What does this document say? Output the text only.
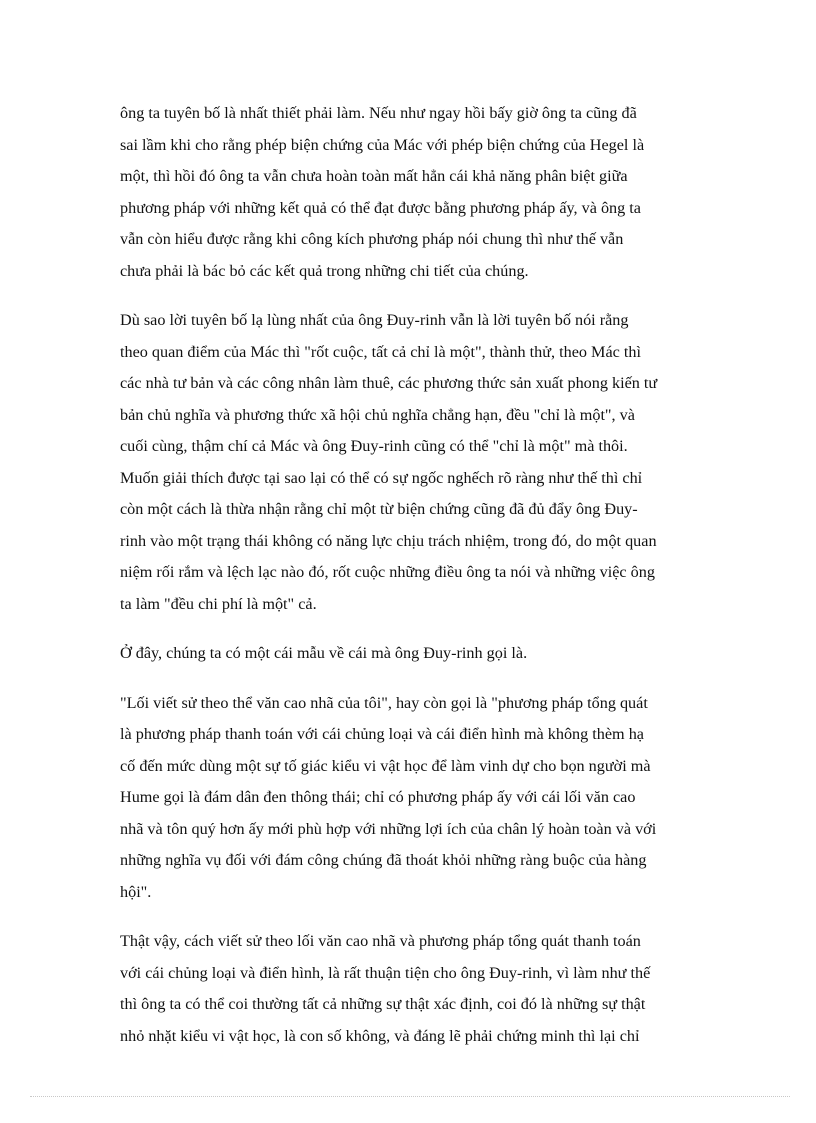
ông ta tuyên bố là nhất thiết phải làm. Nếu như ngay hồi bấy giờ ông ta cũng đã
sai lầm khi cho rằng phép biện chứng của Mác với phép biện chứng của Hegel là
một, thì hồi đó ông ta vẫn chưa hoàn toàn mất hẳn cái khả năng phân biệt giữa
phương pháp với những kết quả có thể đạt được bằng phương pháp ấy, và ông ta
vẫn còn hiểu được rằng khi công kích phương pháp nói chung thì như thế vẫn
chưa phải là bác bỏ các kết quả trong những chi tiết của chúng.

Dù sao lời tuyên bố lạ lùng nhất của ông Đuy-rinh vẫn là lời tuyên bố nói rằng
theo quan điểm của Mác thì "rốt cuộc, tất cả chỉ là một", thành thử, theo Mác thì
các nhà tư bản và các công nhân làm thuê, các phương thức sản xuất phong kiến tư
bản chủ nghĩa và phương thức xã hội chủ nghĩa chẳng hạn, đều "chỉ là một", và
cuối cùng, thậm chí cả Mác và ông Đuy-rinh cũng có thể "chỉ là một" mà thôi.
Muốn giải thích được tại sao lại có thể có sự ngốc nghếch rõ ràng như thế thì chỉ
còn một cách là thừa nhận rằng chỉ một từ biện chứng cũng đã đủ đẩy ông Đuy-
rinh vào một trạng thái không có năng lực chịu trách nhiệm, trong đó, do một quan
niệm rối rắm và lệch lạc nào đó, rốt cuộc những điều ông ta nói và những việc ông
ta làm "đều chi phí là một" cả.

Ở đây, chúng ta có một cái mẫu về cái mà ông Đuy-rinh gọi là.

"Lối viết sử theo thể văn cao nhã của tôi", hay còn gọi là "phương pháp tổng quát
là phương pháp thanh toán với cái chủng loại và cái điển hình mà không thèm hạ
cố đến mức dùng một sự tố giác kiểu vi vật học để làm vinh dự cho bọn người mà
Hume gọi là đám dân đen thông thái; chỉ có phương pháp ấy với cái lối văn cao
nhã và tôn quý hơn ấy mới phù hợp với những lợi ích của chân lý hoàn toàn và với
những nghĩa vụ đối với đám công chúng đã thoát khỏi những ràng buộc của hàng
hội".

Thật vậy, cách viết sử theo lối văn cao nhã và phương pháp tổng quát thanh toán
với cái chủng loại và điển hình, là rất thuận tiện cho ông Đuy-rinh, vì làm như thế
thì ông ta có thể coi thường tất cả những sự thật xác định, coi đó là những sự thật
nhỏ nhặt kiểu vi vật học, là con số không, và đáng lẽ phải chứng minh thì lại chỉ
